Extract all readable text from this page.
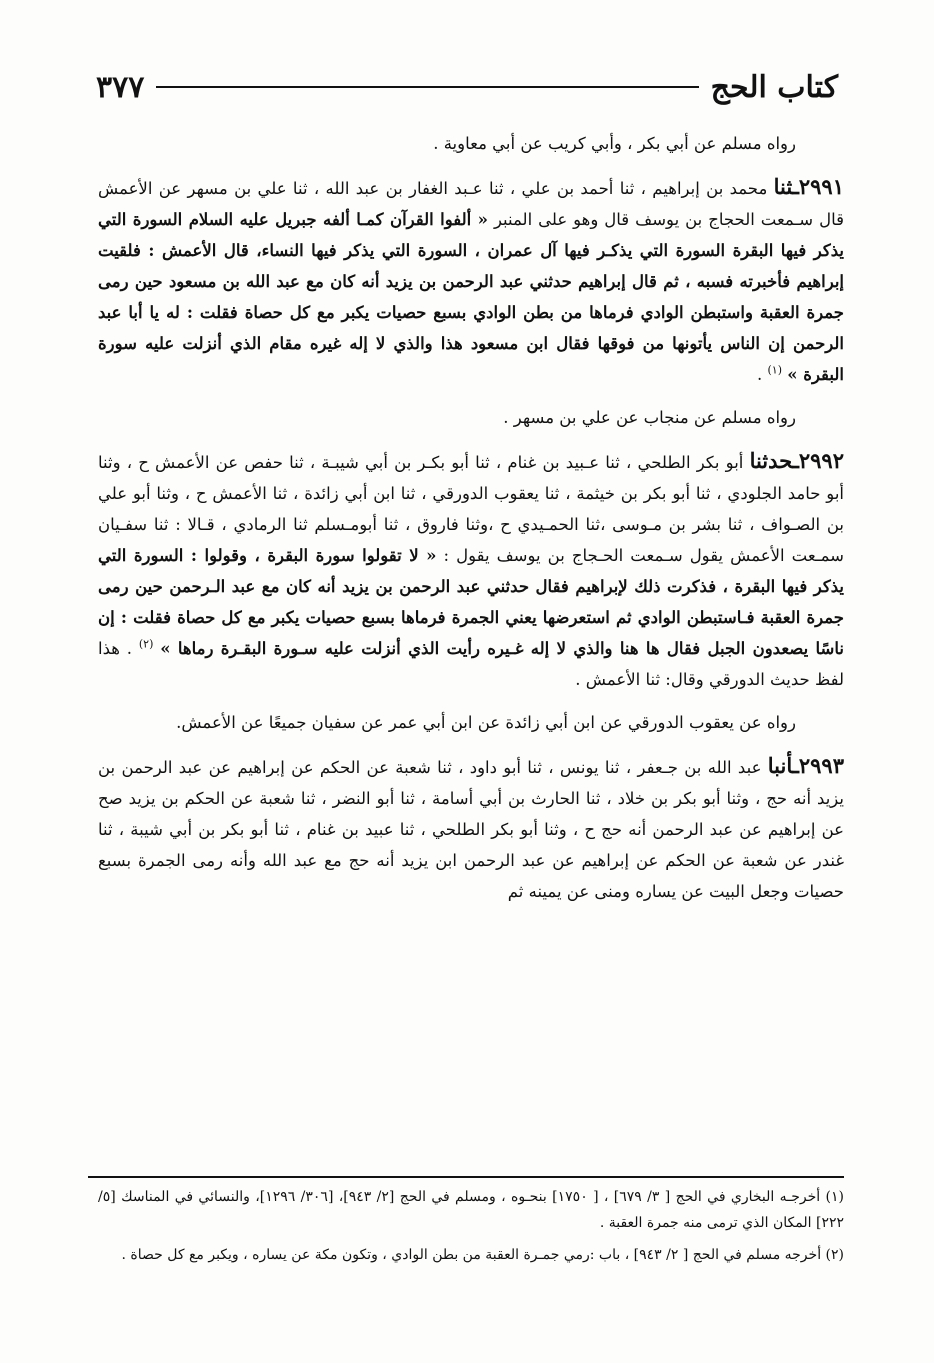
كتاب الحج
٣٧٧

رواه مسلم عن أبي بكر ، وأبي كريب عن أبي معاوية .

٢٩٩١ـثنا محمد بن إبراهيم ، ثنا أحمد بن علي ، ثنا عـبد الغفار بن عبد الله ، ثنا علي بن مسهر عن الأعمش قال سـمعت الحجاج بن يوسف قال وهو على المنبر « ألفوا القرآن كمـا ألفه جبريل عليه السلام السورة التي يذكر فيها البقرة السورة التي يذكـر فيها آل عمران ، السورة التي يذكر فيها النساء، قال الأعمش : فلقيت إبراهيم فأخبرته فسبه ، ثم قال إبراهيم حدثني عبد الرحمن بن يزيد أنه كان مع عبد الله بن مسعود حين رمى جمرة العقبة واستبطن الوادي فرماها من بطن الوادي بسبع حصيات يكبر مع كل حصاة فقلت : له يا أبا عبد الرحمن إن الناس يأتونها من فوقها فقال ابن مسعود هذا والذي لا إله غيره مقام الذي أنزلت عليه سورة البقرة » $^{(١)}$ .

رواه مسلم عن منجاب عن علي بن مسهر .

٢٩٩٢ـحدثنا أبو بكر الطلحي ، ثنا عـبيد بن غنام ، ثنا أبو بكـر بن أبي شيبـة ، ثنا حفص عن الأعمش ح ، وثنا أبو حامد الجلودي ، ثنا أبو بكر بن خيثمة ، ثنا يعقوب الدورقي ، ثنا ابن أبي زائدة ، ثنا الأعمش ح ، وثنا أبو علي بن الصـواف ، ثنا بشر بن مـوسى ،ثنا الحمـيدي ح ،وثنا فاروق ، ثنا أبومـسلم ثنا الرمادي ، قـالا : ثنا سفـيان سمـعت الأعمش يقول سـمعت الحـجاج بن يوسف يقول : « لا تقولوا سورة البقرة ، وقولوا : السورة التي يذكر فيها البقرة ، فذكرت ذلك لإبراهيم فقال حدثني عبد الرحمن بن يزيد أنه كان مع عبد الـرحمن حين رمى جمرة العقبة فـاستبطن الوادي ثم استعرضها يعني الجمرة فرماها بسبع حصيات يكبر مع كل حصاة فقلت : إن ناسًا يصعدون الجبل فقال ها هنا والذي لا إله غـيره رأيت الذي أنزلت عليه سـورة البقـرة رماها » $^{(٢)}$ . هذا لفظ حديث الدورقي وقال: ثنا الأعمش .

رواه عن يعقوب الدورقي عن ابن أبي زائدة عن ابن أبي عمر عن سفيان جميعًا عن الأعمش.

٢٩٩٣ـأنبا عبد الله بن جـعفر ، ثنا يونس ، ثنا أبو داود ، ثنا شعبة عن الحكم عن إبراهيم عن عبد الرحمن بن يزيد أنه حج ، وثنا أبو بكر بن خلاد ، ثنا الحارث بن أبي أسامة ، ثنا أبو النضر ، ثنا شعبة عن الحكم بن يزيد صح عن إبراهيم عن عبد الرحمن أنه حج ح ، وثنا أبو بكر الطلحي ، ثنا عبيد بن غنام ، ثنا أبو بكر بن أبي شيبة ، ثنا غندر عن شعبة عن الحكم عن إبراهيم عن عبد الرحمن ابن يزيد أنه حج مع عبد الله وأنه رمى الجمرة بسبع حصيات وجعل البيت عن يساره ومنى عن يمينه ثم

(١) أخرجـه البخاري في الحج [ ٣/ ٦٧٩] ، [ ١٧٥٠] بنحـوه ، ومسلم في الحج [٢/ ٩٤٣]، [٣٠٦/ ١٢٩٦]، والنسائي في المناسك [٥/ ٢٢٢] المكان الذي ترمى منه جمرة العقبة .

(٢) أخرجه مسلم في الحج [ ٢/ ٩٤٣] ، باب :رمي جمـرة العقبة من بطن الوادي ، وتكون مكة عن يساره ، ويكبر مع كل حصاة .
